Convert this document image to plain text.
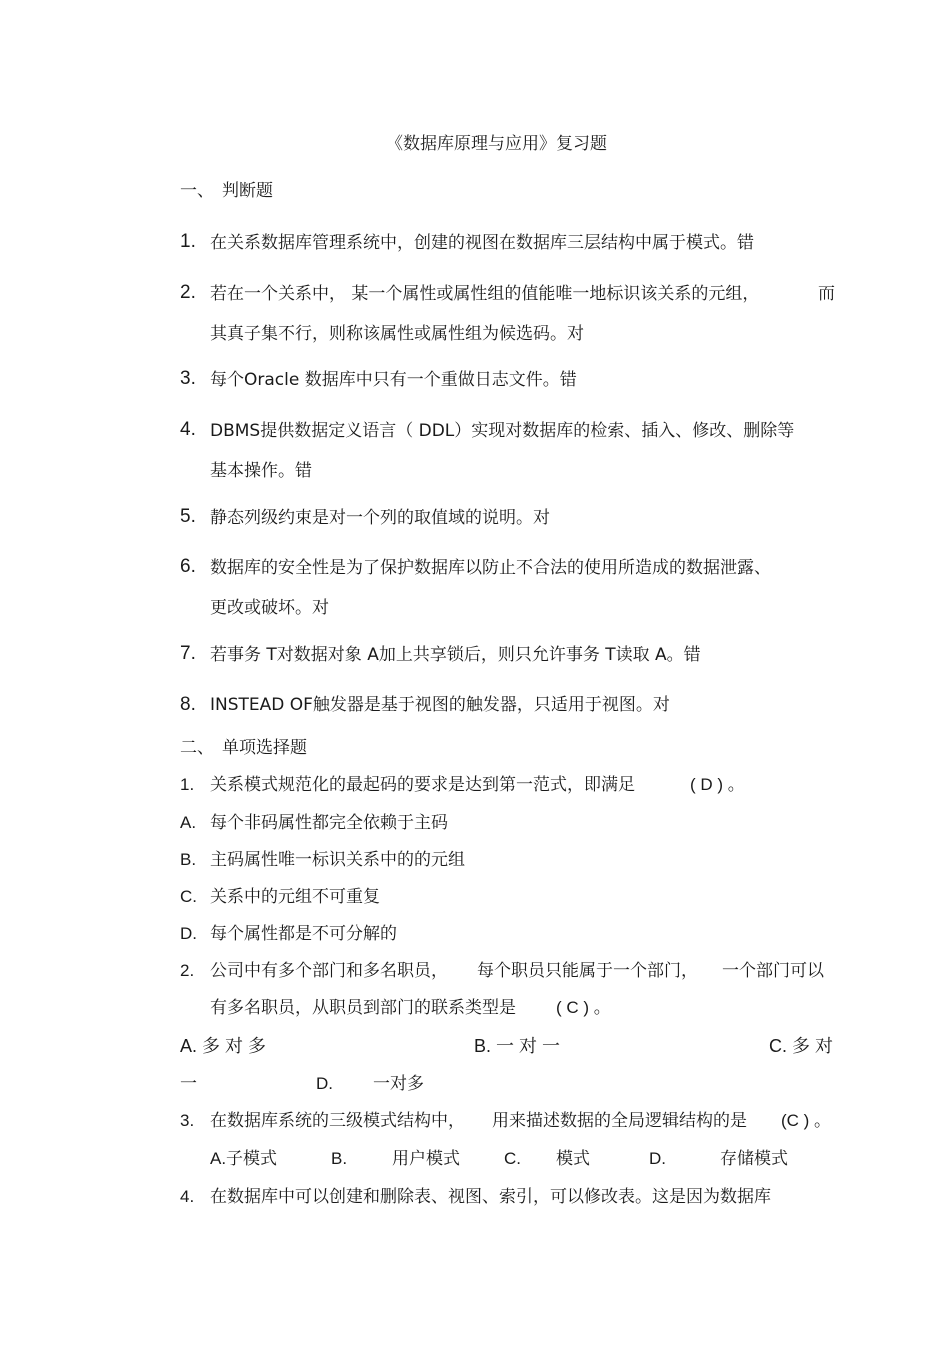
《数据库原理与应用》复习题
一、 判断题
1. 在关系数据库管理系统中，创建的视图在数据库三层结构中属于模式。错
2. 若在一个关系中， 某一个属性或属性组的值能唯一地标识该关系的元组，	而
其真子集不行，则称该属性或属性组为候选码。对
3. 每个Oracle 数据库中只有一个重做日志文件。错
4. DBMS提供数据定义语言（ DDL）实现对数据库的检索、插入、修改、删除等
基本操作。错
5. 静态列级约束是对一个列的取值域的说明。对
6. 数据库的安全性是为了保护数据库以防止不合法的使用所造成的数据泄露、
更改或破坏。对
7. 若事务 T对数据对象 A加上共享锁后，则只允许事务 T读取 A。错
8. INSTEAD OF触发器是基于视图的触发器，只适用于视图。对
二、 单项选择题
1. 关系模式规范化的最起码的要求是达到第一范式，即满足	( D ) 。
A. 每个非码属性都完全依赖于主码
B. 主码属性唯一标识关系中的的元组
C. 关系中的元组不可重复
D. 每个属性都是不可分解的
2. 公司中有多个部门和多名职员， 每个职员只能属于一个部门， 一个部门可以
有多名职员，从职员到部门的联系类型是 ( C ) 。
A. 多 对 多	B. 一 对 一	C. 多 对
一	D. 一对多
3. 在数据库系统的三级模式结构中， 用来描述数据的全局逻辑结构的是 (C ) 。
A.子模式	B.	用户模式	C. 模式	D.	存储模式
4. 在数据库中可以创建和删除表、视图、索引，可以修改表。这是因为数据库
